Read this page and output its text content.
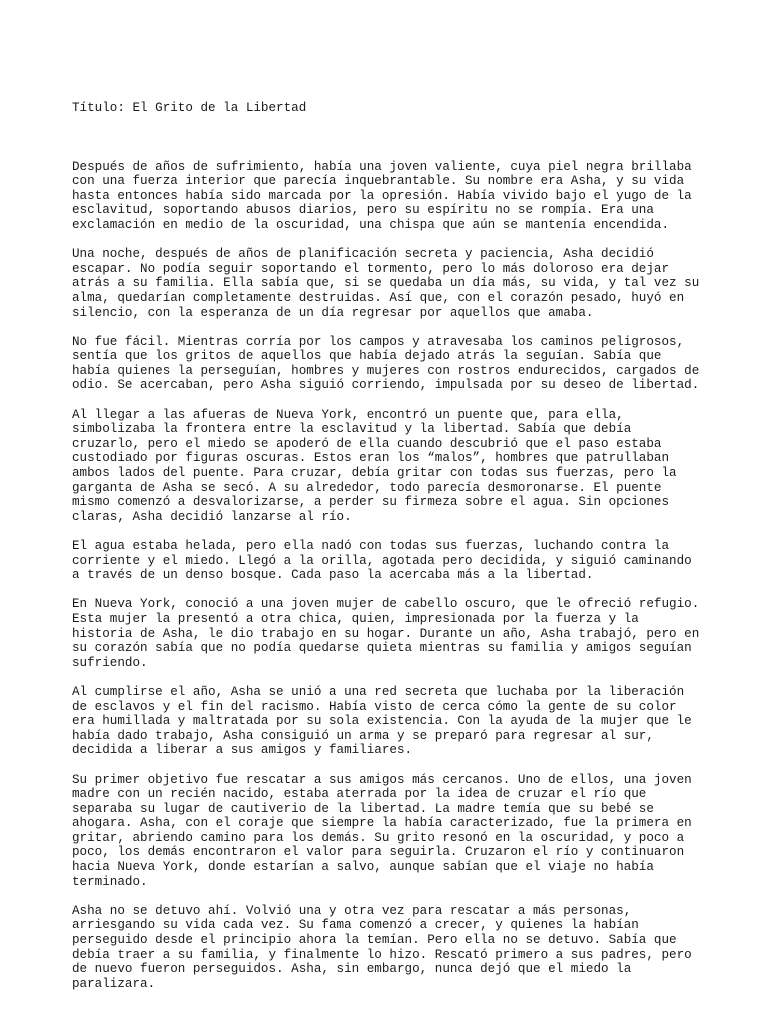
Título: El Grito de la Libertad

Después de años de sufrimiento, había una joven valiente, cuya piel negra brillaba
con una fuerza interior que parecía inquebrantable. Su nombre era Asha, y su vida
hasta entonces había sido marcada por la opresión. Había vivido bajo el yugo de la
esclavitud, soportando abusos diarios, pero su espíritu no se rompía. Era una
exclamación en medio de la oscuridad, una chispa que aún se mantenía encendida.
Una noche, después de años de planificación secreta y paciencia, Asha decidió
escapar. No podía seguir soportando el tormento, pero lo más doloroso era dejar
atrás a su familia. Ella sabía que, si se quedaba un día más, su vida, y tal vez su
alma, quedarían completamente destruidas. Así que, con el corazón pesado, huyó en
silencio, con la esperanza de un día regresar por aquellos que amaba.
No fue fácil. Mientras corría por los campos y atravesaba los caminos peligrosos,
sentía que los gritos de aquellos que había dejado atrás la seguían. Sabía que
había quienes la perseguían, hombres y mujeres con rostros endurecidos, cargados de
odio. Se acercaban, pero Asha siguió corriendo, impulsada por su deseo de libertad.
Al llegar a las afueras de Nueva York, encontró un puente que, para ella,
simbolizaba la frontera entre la esclavitud y la libertad. Sabía que debía
cruzarlo, pero el miedo se apoderó de ella cuando descubrió que el paso estaba
custodiado por figuras oscuras. Estos eran los “malos”, hombres que patrullaban
ambos lados del puente. Para cruzar, debía gritar con todas sus fuerzas, pero la
garganta de Asha se secó. A su alrededor, todo parecía desmoronarse. El puente
mismo comenzó a desvalorizarse, a perder su firmeza sobre el agua. Sin opciones
claras, Asha decidió lanzarse al río.
El agua estaba helada, pero ella nadó con todas sus fuerzas, luchando contra la
corriente y el miedo. Llegó a la orilla, agotada pero decidida, y siguió caminando
a través de un denso bosque. Cada paso la acercaba más a la libertad.
En Nueva York, conoció a una joven mujer de cabello oscuro, que le ofreció refugio.
Esta mujer la presentó a otra chica, quien, impresionada por la fuerza y la
historia de Asha, le dio trabajo en su hogar. Durante un año, Asha trabajó, pero en
su corazón sabía que no podía quedarse quieta mientras su familia y amigos seguían
sufriendo.
Al cumplirse el año, Asha se unió a una red secreta que luchaba por la liberación
de esclavos y el fin del racismo. Había visto de cerca cómo la gente de su color
era humillada y maltratada por su sola existencia. Con la ayuda de la mujer que le
había dado trabajo, Asha consiguió un arma y se preparó para regresar al sur,
decidida a liberar a sus amigos y familiares.
Su primer objetivo fue rescatar a sus amigos más cercanos. Uno de ellos, una joven
madre con un recién nacido, estaba aterrada por la idea de cruzar el río que
separaba su lugar de cautiverio de la libertad. La madre temía que su bebé se
ahogara. Asha, con el coraje que siempre la había caracterizado, fue la primera en
gritar, abriendo camino para los demás. Su grito resonó en la oscuridad, y poco a
poco, los demás encontraron el valor para seguirla. Cruzaron el río y continuaron
hacia Nueva York, donde estarían a salvo, aunque sabían que el viaje no había
terminado.
Asha no se detuvo ahí. Volvió una y otra vez para rescatar a más personas,
arriesgando su vida cada vez. Su fama comenzó a crecer, y quienes la habían
perseguido desde el principio ahora la temían. Pero ella no se detuvo. Sabía que
debía traer a su familia, y finalmente lo hizo. Rescató primero a sus padres, pero
de nuevo fueron perseguidos. Asha, sin embargo, nunca dejó que el miedo la
paralizara.
